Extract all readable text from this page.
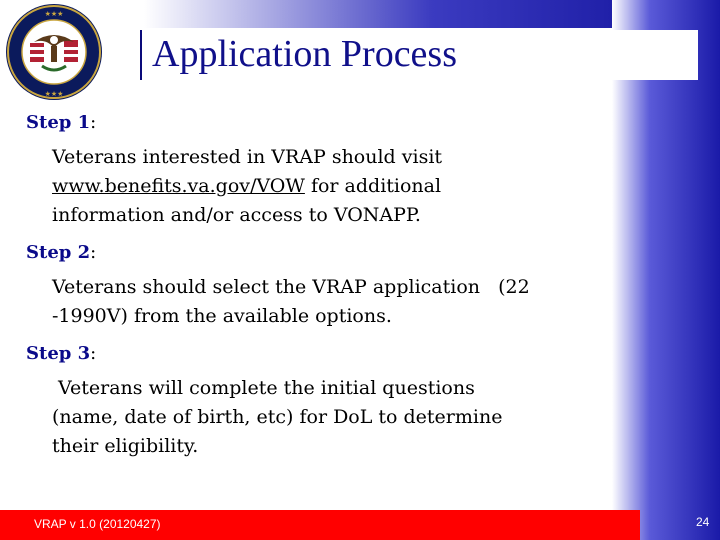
★★★
★★★
Application Process
Step 1:
Veterans interested in VRAP should visit
www.benefits.va.gov/VOW for additional
information and/or access to VONAPP.
Step 2:
Veterans should select the VRAP application   (22
-1990V) from the available options.
Step 3:
Veterans will complete the initial questions
(name, date of birth, etc) for DoL to determine
their eligibility.
VRAP v 1.0 (20120427)	24
